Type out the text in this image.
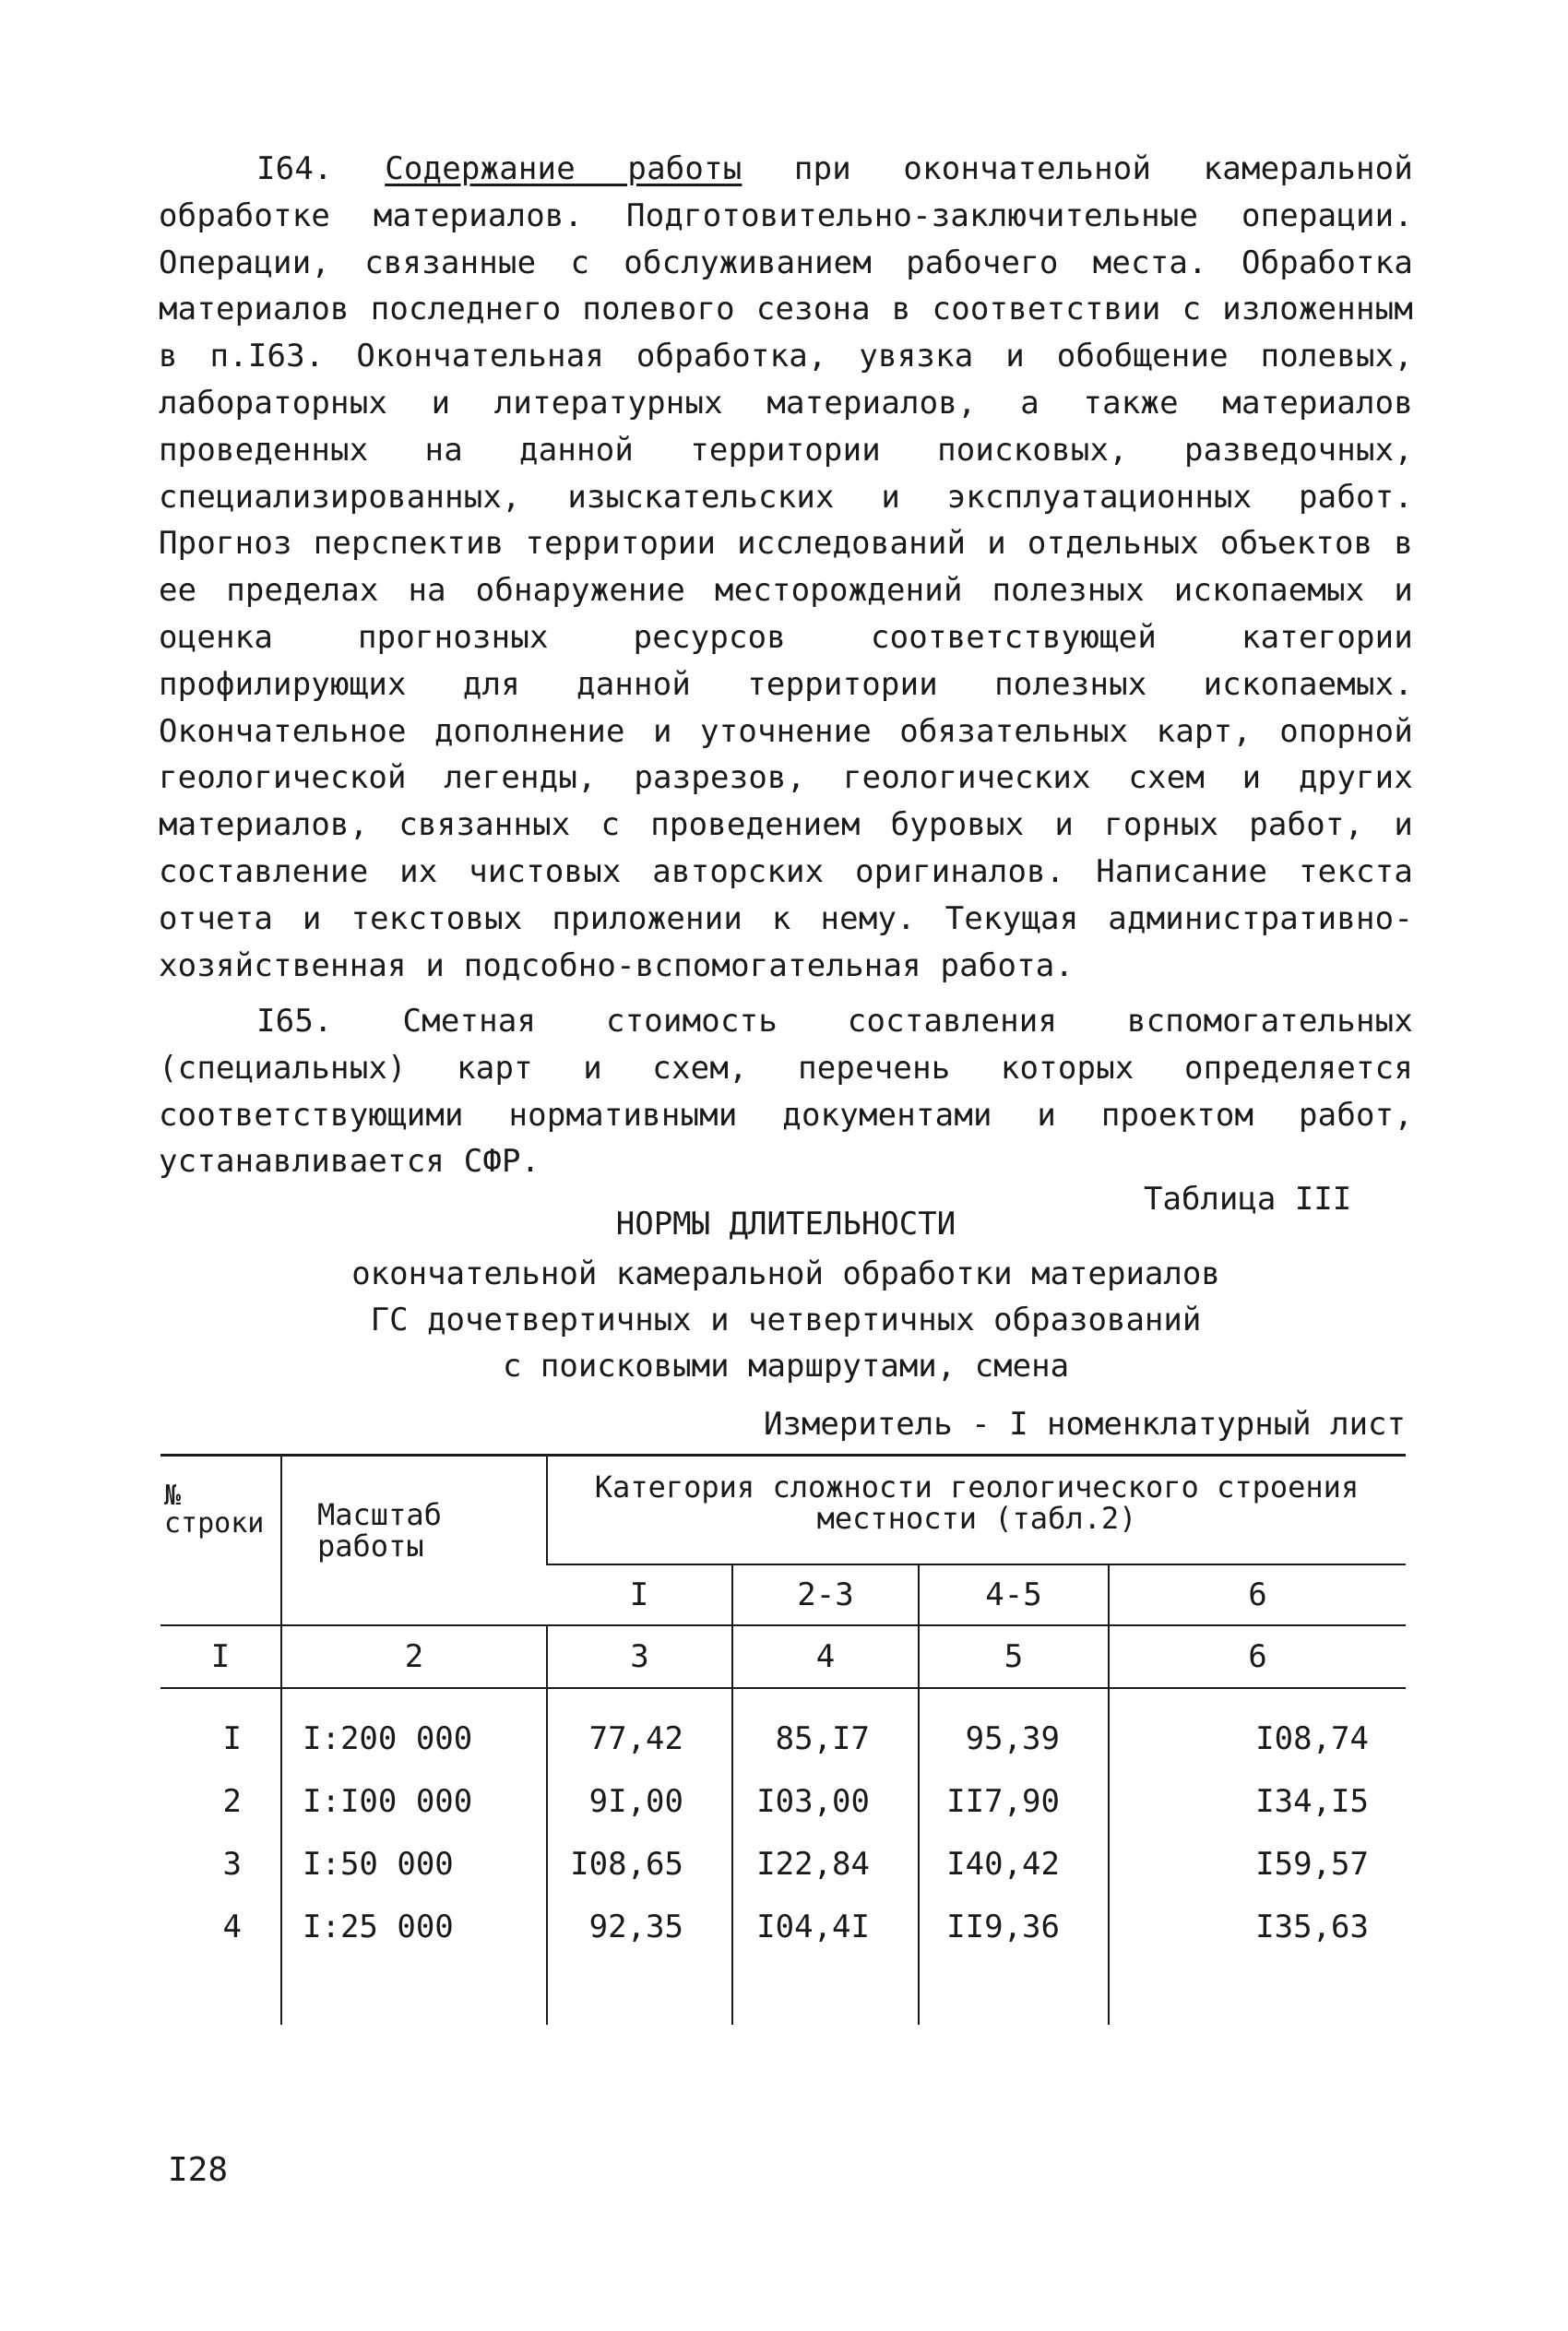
I64. Содержание работы при окончательной камеральной обработке материалов. Подготовительно-заключительные операции. Операции, связанные с обслуживанием рабочего места. Обработка материалов последнего полевого сезона в соответствии с изложенным в п.I63. Окончательная обработка, увязка и обобщение полевых, лабораторных и литературных материалов, а также материалов проведенных на данной территории поисковых, разведочных, специализированных, изыскательских и эксплуатационных работ. Прогноз перспектив территории исследований и отдельных объектов в ее пределах на обнаружение месторождений полезных ископаемых и оценка прогнозных ресурсов соответствующей категории профилирующих для данной территории полезных ископаемых. Окончательное дополнение и уточнение обязательных карт, опорной геологической легенды, разрезов, геологических схем и других материалов, связанных с проведением буровых и горных работ, и составление их чистовых авторских оригиналов. Написание текста отчета и текстовых приложении к нему. Текущая административно-хозяйственная и подсобно-вспомогательная работа.

I65. Сметная стоимость составления вспомогательных (специальных) карт и схем, перечень которых определяется соответствующими нормативными документами и проектом работ, устанавливается СФР.

Таблица III

НОРМЫ ДЛИТЕЛЬНОСТИ

окончательной камеральной обработки материалов

ГС дочетвертичных и четвертичных образований

с поисковыми маршрутами, смена

Измеритель - I номенклатурный лист
№ строки	Масштаб работы	Категория сложности геологического строения местности (табл.2)			
		I	2-3	4-5	6
I	2	3	4	5	6
I	I:200 000	77,42	85,I7	95,39	I08,74
2	I:I00 000	9I,00	I03,00	II7,90	I34,I5
3	I:50 000	I08,65	I22,84	I40,42	I59,57
4	I:25 000	92,35	I04,4I	II9,36	I35,63

I28
